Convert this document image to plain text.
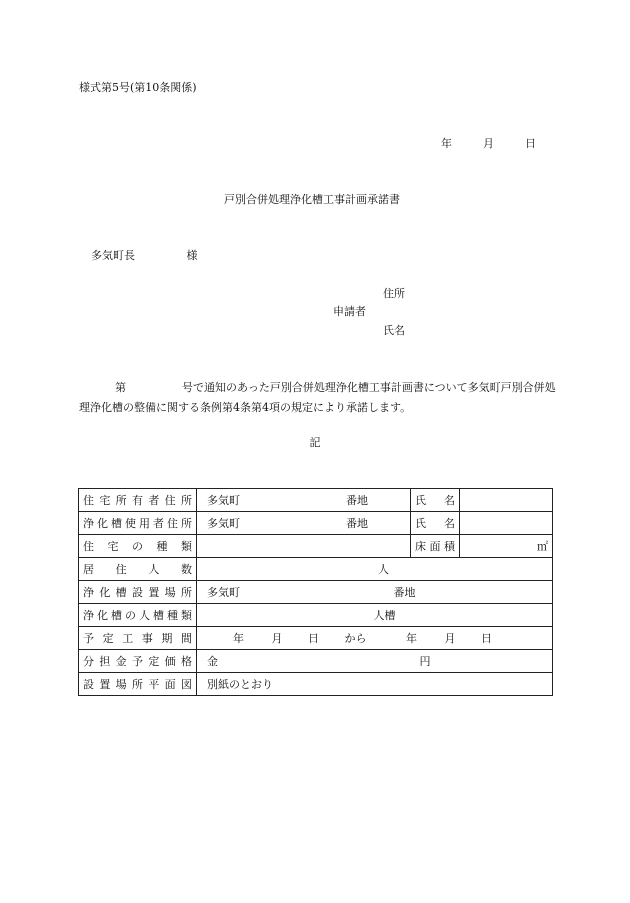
様式第5号(第10条関係)
年	月	日
戸別合併処理浄化槽工事計画承諾書
多気町長	様
住所
申請者
氏名
第	号で通知のあった戸別合併処理浄化槽工事計画書について多気町戸別合併処理浄化槽の整備に関する条例第4条第4項の規定により承諾します。
記
住宅所有者住所	多気町 番地	氏名	
浄化槽使用者住所	多気町 番地	氏名	
住宅の種類		床面積	㎡
居住人数	人		
浄化槽設置場所	多気町 番地		
浄化槽の人槽種類	人槽		
予定工事期間	年 月 日 から 年 月 日		
分担金予定価格	金 円		
設置場所平面図	別紙のとおり		
